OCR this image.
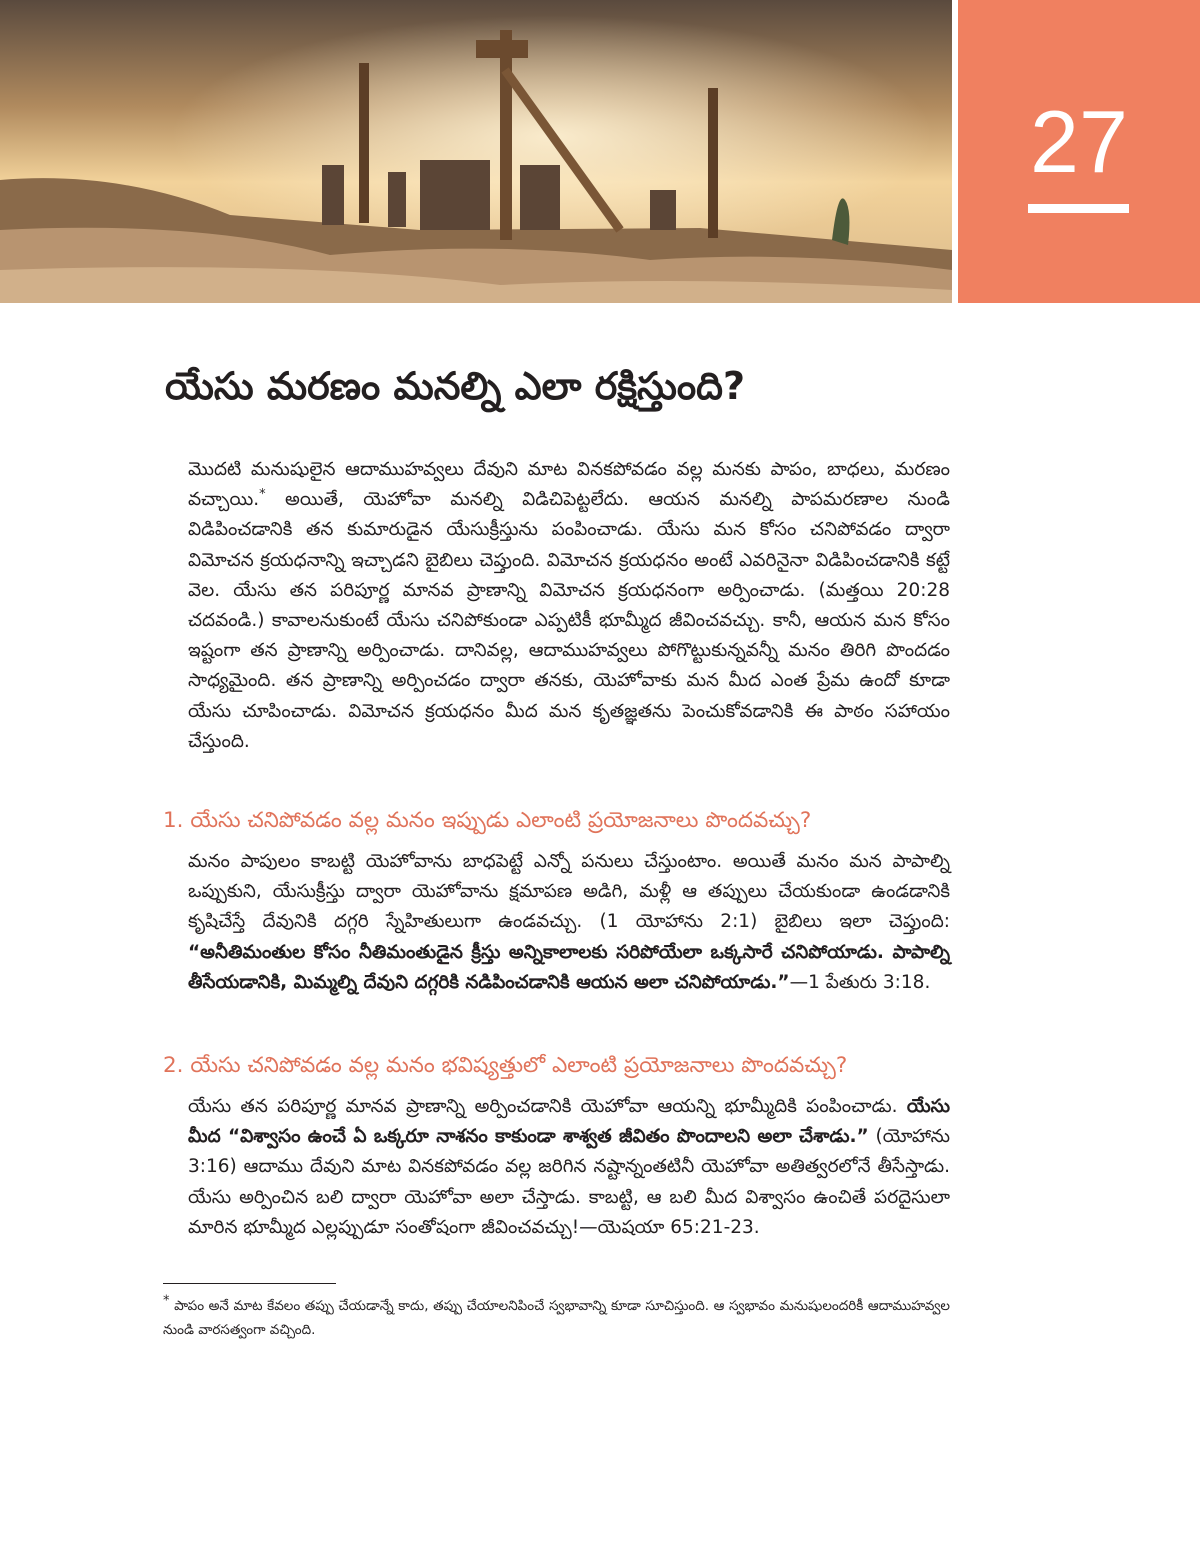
27
యేసు మరణం మనల్ని ఎలా రక్షిస్తుంది?

మొదటి మనుషులైన ఆదాముహవ్వలు దేవుని మాట వినకపోవడం వల్ల మనకు పాపం, బాధలు, మరణం వచ్చాయి.* అయితే, యెహోవా మనల్ని విడిచిపెట్టలేదు. ఆయన మనల్ని పాపమరణాల నుండి విడిపించడానికి తన కుమారుడైన యేసుక్రీస్తును పంపించాడు. యేసు మన కోసం చనిపోవడం ద్వారా విమోచన క్రయధనాన్ని ఇచ్చాడని బైబిలు చెప్తుంది. విమోచన క్రయధనం అంటే ఎవరినైనా విడిపించడానికి కట్టే వెల. యేసు తన పరిపూర్ణ మానవ ప్రాణాన్ని విమోచన క్రయధనంగా అర్పించాడు. (మత్తయి 20:28 చదవండి.) కావాలనుకుంటే యేసు చనిపోకుండా ఎప్పటికీ భూమ్మీద జీవించవచ్చు. కానీ, ఆయన మన కోసం ఇష్టంగా తన ప్రాణాన్ని అర్పించాడు. దానివల్ల, ఆదాముహవ్వలు పోగొట్టుకున్నవన్నీ మనం తిరిగి పొందడం సాధ్యమైంది. తన ప్రాణాన్ని అర్పించడం ద్వారా తనకు, యెహోవాకు మన మీద ఎంత ప్రేమ ఉందో కూడా యేసు చూపించాడు. విమోచన క్రయధనం మీద మన కృతజ్ఞతను పెంచుకోవడానికి ఈ పాఠం సహాయం చేస్తుంది.

1. యేసు చనిపోవడం వల్ల మనం ఇప్పుడు ఎలాంటి ప్రయోజనాలు పొందవచ్చు?

మనం పాపులం కాబట్టి యెహోవాను బాధపెట్టే ఎన్నో పనులు చేస్తుంటాం. అయితే మనం మన పాపాల్ని ఒప్పుకుని, యేసుక్రీస్తు ద్వారా యెహోవాను క్షమాపణ అడిగి, మళ్లీ ఆ తప్పులు చేయకుండా ఉండడానికి కృషిచేస్తే దేవునికి దగ్గరి స్నేహితులుగా ఉండవచ్చు. (1 యోహాను 2:1) బైబిలు ఇలా చెప్తుంది: “అనీతిమంతుల కోసం నీతిమంతుడైన క్రీస్తు అన్నికాలాలకు సరిపోయేలా ఒక్కసారే చనిపోయాడు. పాపాల్ని తీసేయడానికి, మిమ్మల్ని దేవుని దగ్గరికి నడిపించడానికి ఆయన అలా చనిపోయాడు.”—1 పేతురు 3:18.

2. యేసు చనిపోవడం వల్ల మనం భవిష్యత్తులో ఎలాంటి ప్రయోజనాలు పొందవచ్చు?

యేసు తన పరిపూర్ణ మానవ ప్రాణాన్ని అర్పించడానికి యెహోవా ఆయన్ని భూమ్మీదికి పంపించాడు. యేసు మీద “విశ్వాసం ఉంచే ఏ ఒక్కరూ నాశనం కాకుండా శాశ్వత జీవితం పొందాలని అలా చేశాడు.” (యోహాను 3:16) ఆదాము దేవుని మాట వినకపోవడం వల్ల జరిగిన నష్టాన్నంతటినీ యెహోవా అతిత్వరలోనే తీసేస్తాడు. యేసు అర్పించిన బలి ద్వారా యెహోవా అలా చేస్తాడు. కాబట్టి, ఆ బలి మీద విశ్వాసం ఉంచితే పరదైసులా మారిన భూమ్మీద ఎల్లప్పుడూ సంతోషంగా జీవించవచ్చు!—యెషయా 65:21-23.

* పాపం అనే మాట కేవలం తప్పు చేయడాన్నే కాదు, తప్పు చేయాలనిపించే స్వభావాన్ని కూడా సూచిస్తుంది. ఆ స్వభావం మనుషులందరికీ ఆదాముహవ్వల నుండి వారసత్వంగా వచ్చింది.
